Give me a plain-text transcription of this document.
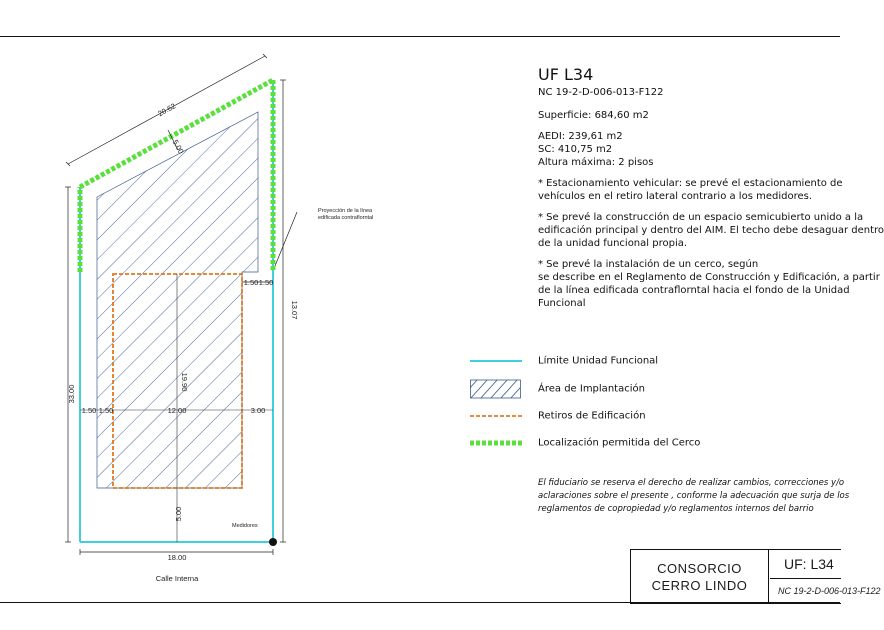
20.62
5.00
13.07
33.00
18.00
19.90
12.00	3.00
1.50 1.50
1.50 1.50
5.00
Proyección de la línea
edificada contraflorntal
Medidores
Calle Interna
UF L34
NC 19-2-D-006-013-F122

Superficie: 684,60 m2

AEDI: 239,61 m2
SC: 410,75 m2

Altura máxima: 2 pisos

* Estacionamiento vehicular: se prevé el estacionamiento de
vehículos en el retiro lateral contrario a los medidores.

* Se prevé la construcción de un espacio semicubierto unido a la
edificación principal y dentro del AIM. El techo debe desaguar dentro
de la unidad funcional propia.

* Se prevé la instalación de un cerco, según
se describe en el Reglamento de Construcción y Edificación, a partir
de la línea edificada contraflorntal hacia el fondo de la Unidad
Funcional

Límite Unidad Funcional
Área de Implantación
Retiros de Edificación
Localización permitida del Cerco
El fiduciario se reserva el derecho de realizar cambios, correcciones y/o
aclaraciones sobre el presente , conforme la adecuación que surja de los
reglamentos de copropiedad y/o reglamentos internos del barrio
CONSORCIO
CERRO LINDO
UF: L34
NC 19-2-D-006-013-F122
